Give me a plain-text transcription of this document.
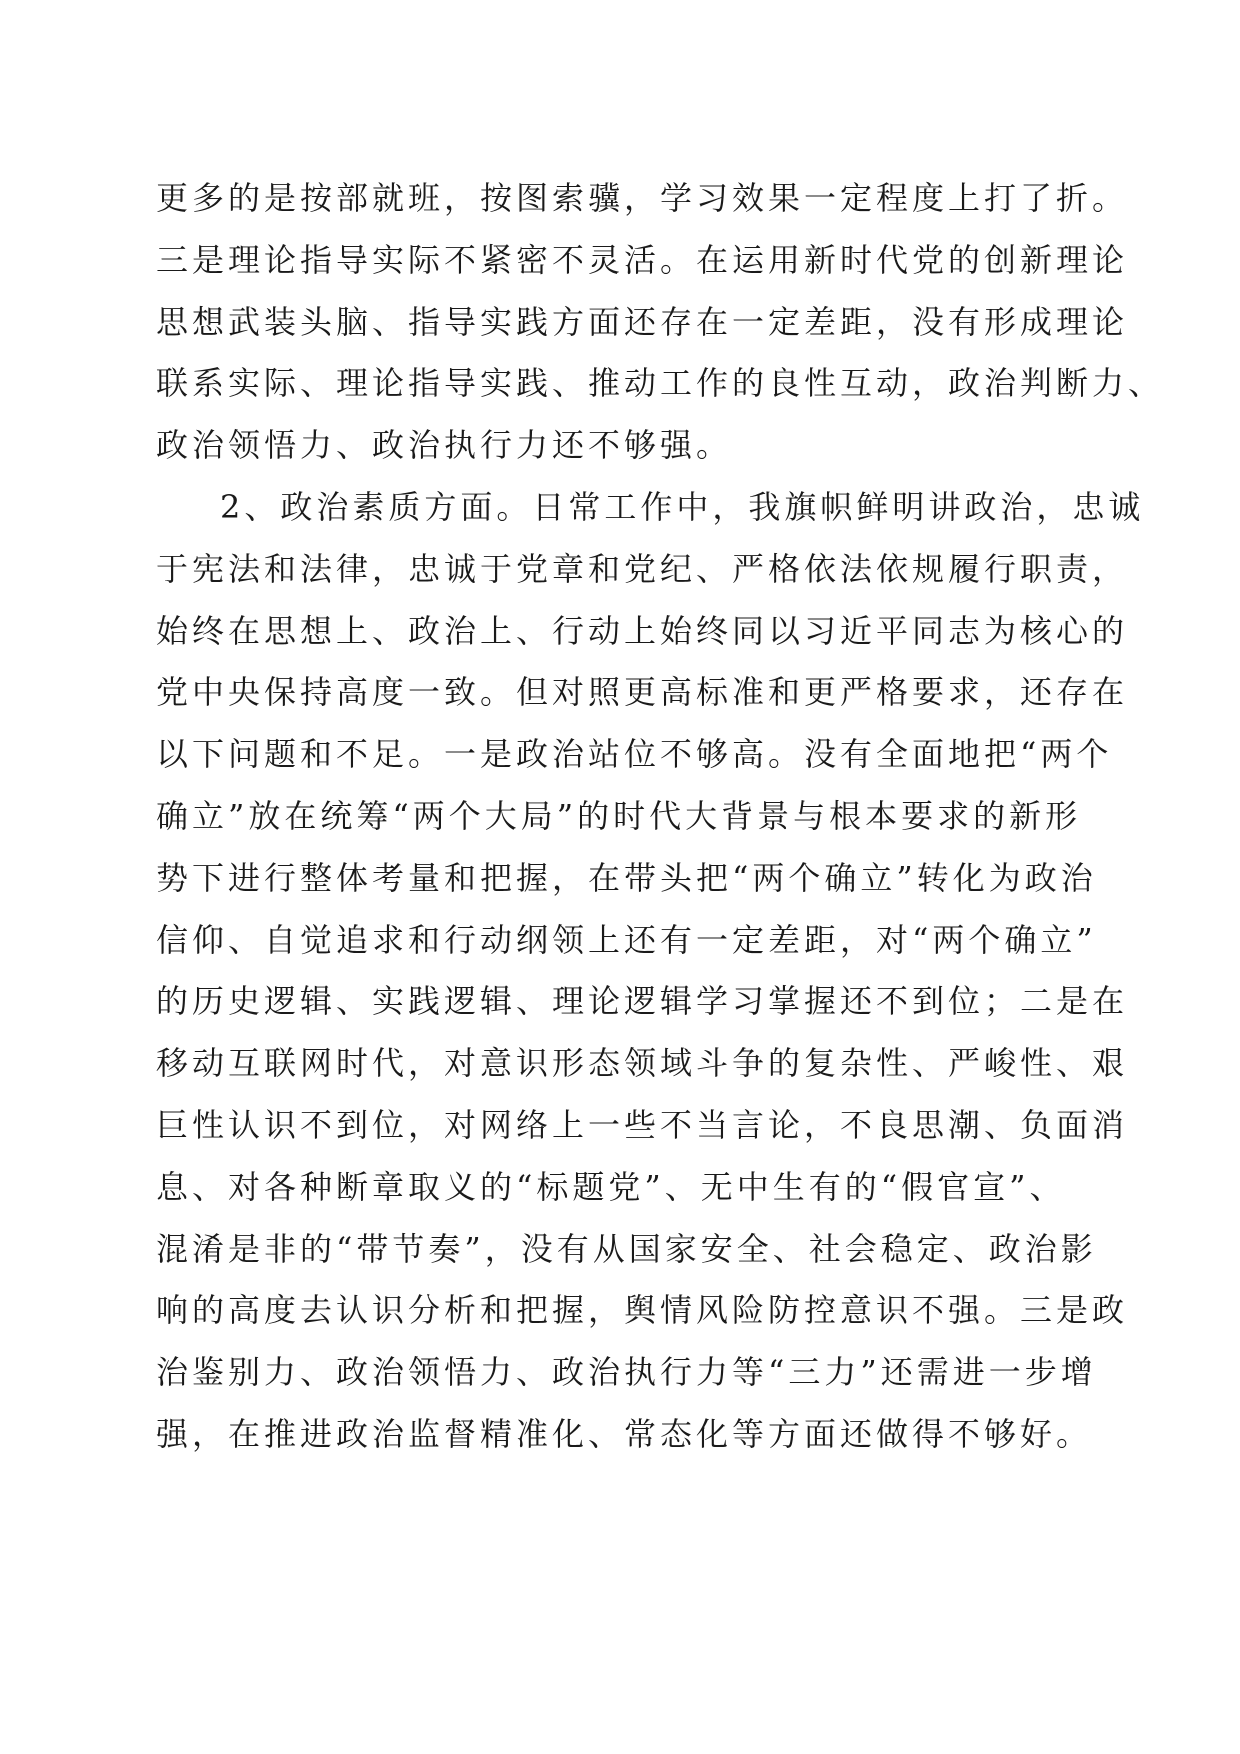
更多的是按部就班，按图索骥，学习效果一定程度上打了折。
三是理论指导实际不紧密不灵活。在运用新时代党的创新理论
思想武装头脑、指导实践方面还存在一定差距，没有形成理论
联系实际、理论指导实践、推动工作的良性互动，政治判断力、
政治领悟力、政治执行力还不够强。
2、政治素质方面。日常工作中，我旗帜鲜明讲政治，忠诚
于宪法和法律，忠诚于党章和党纪、严格依法依规履行职责，
始终在思想上、政治上、行动上始终同以习近平同志为核心的
党中央保持高度一致。但对照更高标准和更严格要求，还存在
以下问题和不足。一是政治站位不够高。没有全面地把“两个
确立”放在统筹“两个大局”的时代大背景与根本要求的新形
势下进行整体考量和把握，在带头把“两个确立”转化为政治
信仰、自觉追求和行动纲领上还有一定差距，对“两个确立”
的历史逻辑、实践逻辑、理论逻辑学习掌握还不到位；二是在
移动互联网时代，对意识形态领域斗争的复杂性、严峻性、艰
巨性认识不到位，对网络上一些不当言论，不良思潮、负面消
息、对各种断章取义的“标题党”、无中生有的“假官宣”、
混淆是非的“带节奏”，没有从国家安全、社会稳定、政治影
响的高度去认识分析和把握，舆情风险防控意识不强。三是政
治鉴别力、政治领悟力、政治执行力等“三力”还需进一步增
强，在推进政治监督精准化、常态化等方面还做得不够好。
